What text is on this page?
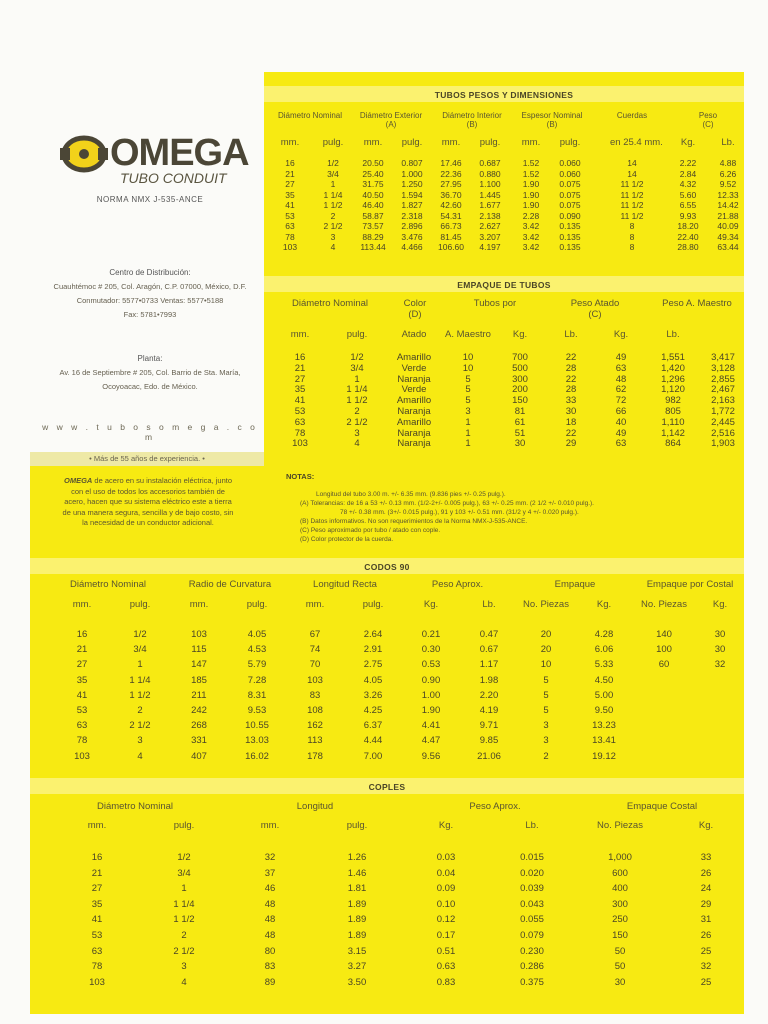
OMEGA
TUBO CONDUIT
NORMA NMX J-535-ANCE
Centro de Distribución:
Cuauhtémoc # 205, Col. Aragón, C.P. 07000, México, D.F.
Conmutador: 5577•0733 Ventas: 5577•5188
Fax: 5781•7993
Planta:
Av. 16 de Septiembre # 205, Col. Barrio de Sta. María,
Ocoyoacac, Edo. de México.
w w w . t u b o s o m e g a . c o m
• Más de 55 años de experiencia. •
OMEGA de acero en su instalación eléctrica, junto
con el uso de todos los accesorios también de
acero, hacen que su sistema eléctrico este a tierra
de una manera segura, sencilla y de bajo costo, sin
la necesidad de un conductor adicional.
TUBOS PESOS Y DIMENSIONES
Diámetro Nominal	Diámetro Exterior
(A)
Diámetro Interior
(B)
Espesor Nominal
(B)
Cuerdas	Peso
(C)
mm.	pulg.	mm.	pulg.	mm.	pulg.	mm.	pulg.	en 25.4 mm.	Kg.	Lb.
16	1/2	20.50	0.807	17.46	0.687	1.52	0.060	14	2.22	4.88
21	3/4	25.40	1.000	22.36	0.880	1.52	0.060	14	2.84	6.26
27	1	31.75	1.250	27.95	1.100	1.90	0.075	11 1/2	4.32	9.52
35	1 1/4	40.50	1.594	36.70	1.445	1.90	0.075	11 1/2	5.60	12.33
41	1 1/2	46.40	1.827	42.60	1.677	1.90	0.075	11 1/2	6.55	14.42
53	2	58.87	2.318	54.31	2.138	2.28	0.090	11 1/2	9.93	21.88
63	2 1/2	73.57	2.896	66.73	2.627	3.42	0.135	8	18.20	40.09
78	3	88.29	3.476	81.45	3.207	3.42	0.135	8	22.40	49.34
103	4	113.44	4.466	106.60	4.197	3.42	0.135	8	28.80	63.44
EMPAQUE DE TUBOS
Diámetro Nominal	Color
(D)
Tubos por	Peso Atado
(C)
Peso A. Maestro
mm.	pulg.	Atado	A. Maestro	Kg.	Lb.	Kg.	Lb.
16	1/2	Amarillo	10	700	22	49	1,551	3,417
21	3/4	Verde	10	500	28	63	1,420	3,128
27	1	Naranja	5	300	22	48	1,296	2,855
35	1 1/4	Verde	5	200	28	62	1,120	2,467
41	1 1/2	Amarillo	5	150	33	72	982	2,163
53	2	Naranja	3	81	30	66	805	1,772
63	2 1/2	Amarillo	1	61	18	40	1,110	2,445
78	3	Naranja	1	51	22	49	1,142	2,516
103	4	Naranja	1	30	29	63	864	1,903
NOTAS:
Longitud del tubo 3.00 m. +/- 6.35 mm. (9.836 pies +/- 0.25 pulg.).
(A) Tolerancias: de 16 a 53 +/- 0.13 mm. (1/2-2+/- 0.005 pulg.), 63 +/- 0.25 mm. (2 1/2 +/- 0.010 pulg.).
78 +/- 0.38 mm. (3+/- 0.015 pulg.), 91 y 103 +/- 0.51 mm. (31/2 y 4 +/- 0.020 pulg.).
(B) Datos informativos. No son requerimientos de la Norma NMX-J-535-ANCE.
(C) Peso aproximado por tubo / atado con cople.
(D) Color protector de la cuerda.
CODOS 90
Diámetro Nominal	Radio de Curvatura	Longitud Recta	Peso Aprox.	Empaque	Empaque por Costal
mm.	pulg.	mm.	pulg.	mm.	pulg.	Kg.	Lb.	No. Piezas	Kg.	No. Piezas	Kg.
16	1/2	103	4.05	67	2.64	0.21	0.47	20	4.28	140	30
21	3/4	115	4.53	74	2.91	0.30	0.67	20	6.06	100	30
27	1	147	5.79	70	2.75	0.53	1.17	10	5.33	60	32
35	1 1/4	185	7.28	103	4.05	0.90	1.98	5	4.50
41	1 1/2	211	8.31	83	3.26	1.00	2.20	5	5.00
53	2	242	9.53	108	4.25	1.90	4.19	5	9.50
63	2 1/2	268	10.55	162	6.37	4.41	9.71	3	13.23
78	3	331	13.03	113	4.44	4.47	9.85	3	13.41
103	4	407	16.02	178	7.00	9.56	21.06	2	19.12
COPLES
Diámetro Nominal	Longitud	Peso Aprox.	Empaque Costal
mm.	pulg.	mm.	pulg.	Kg.	Lb.	No. Piezas	Kg.
16	1/2	32	1.26	0.03	0.015	1,000	33
21	3/4	37	1.46	0.04	0.020	600	26
27	1	46	1.81	0.09	0.039	400	24
35	1 1/4	48	1.89	0.10	0.043	300	29
41	1 1/2	48	1.89	0.12	0.055	250	31
53	2	48	1.89	0.17	0.079	150	26
63	2 1/2	80	3.15	0.51	0.230	50	25
78	3	83	3.27	0.63	0.286	50	32
103	4	89	3.50	0.83	0.375	30	25
